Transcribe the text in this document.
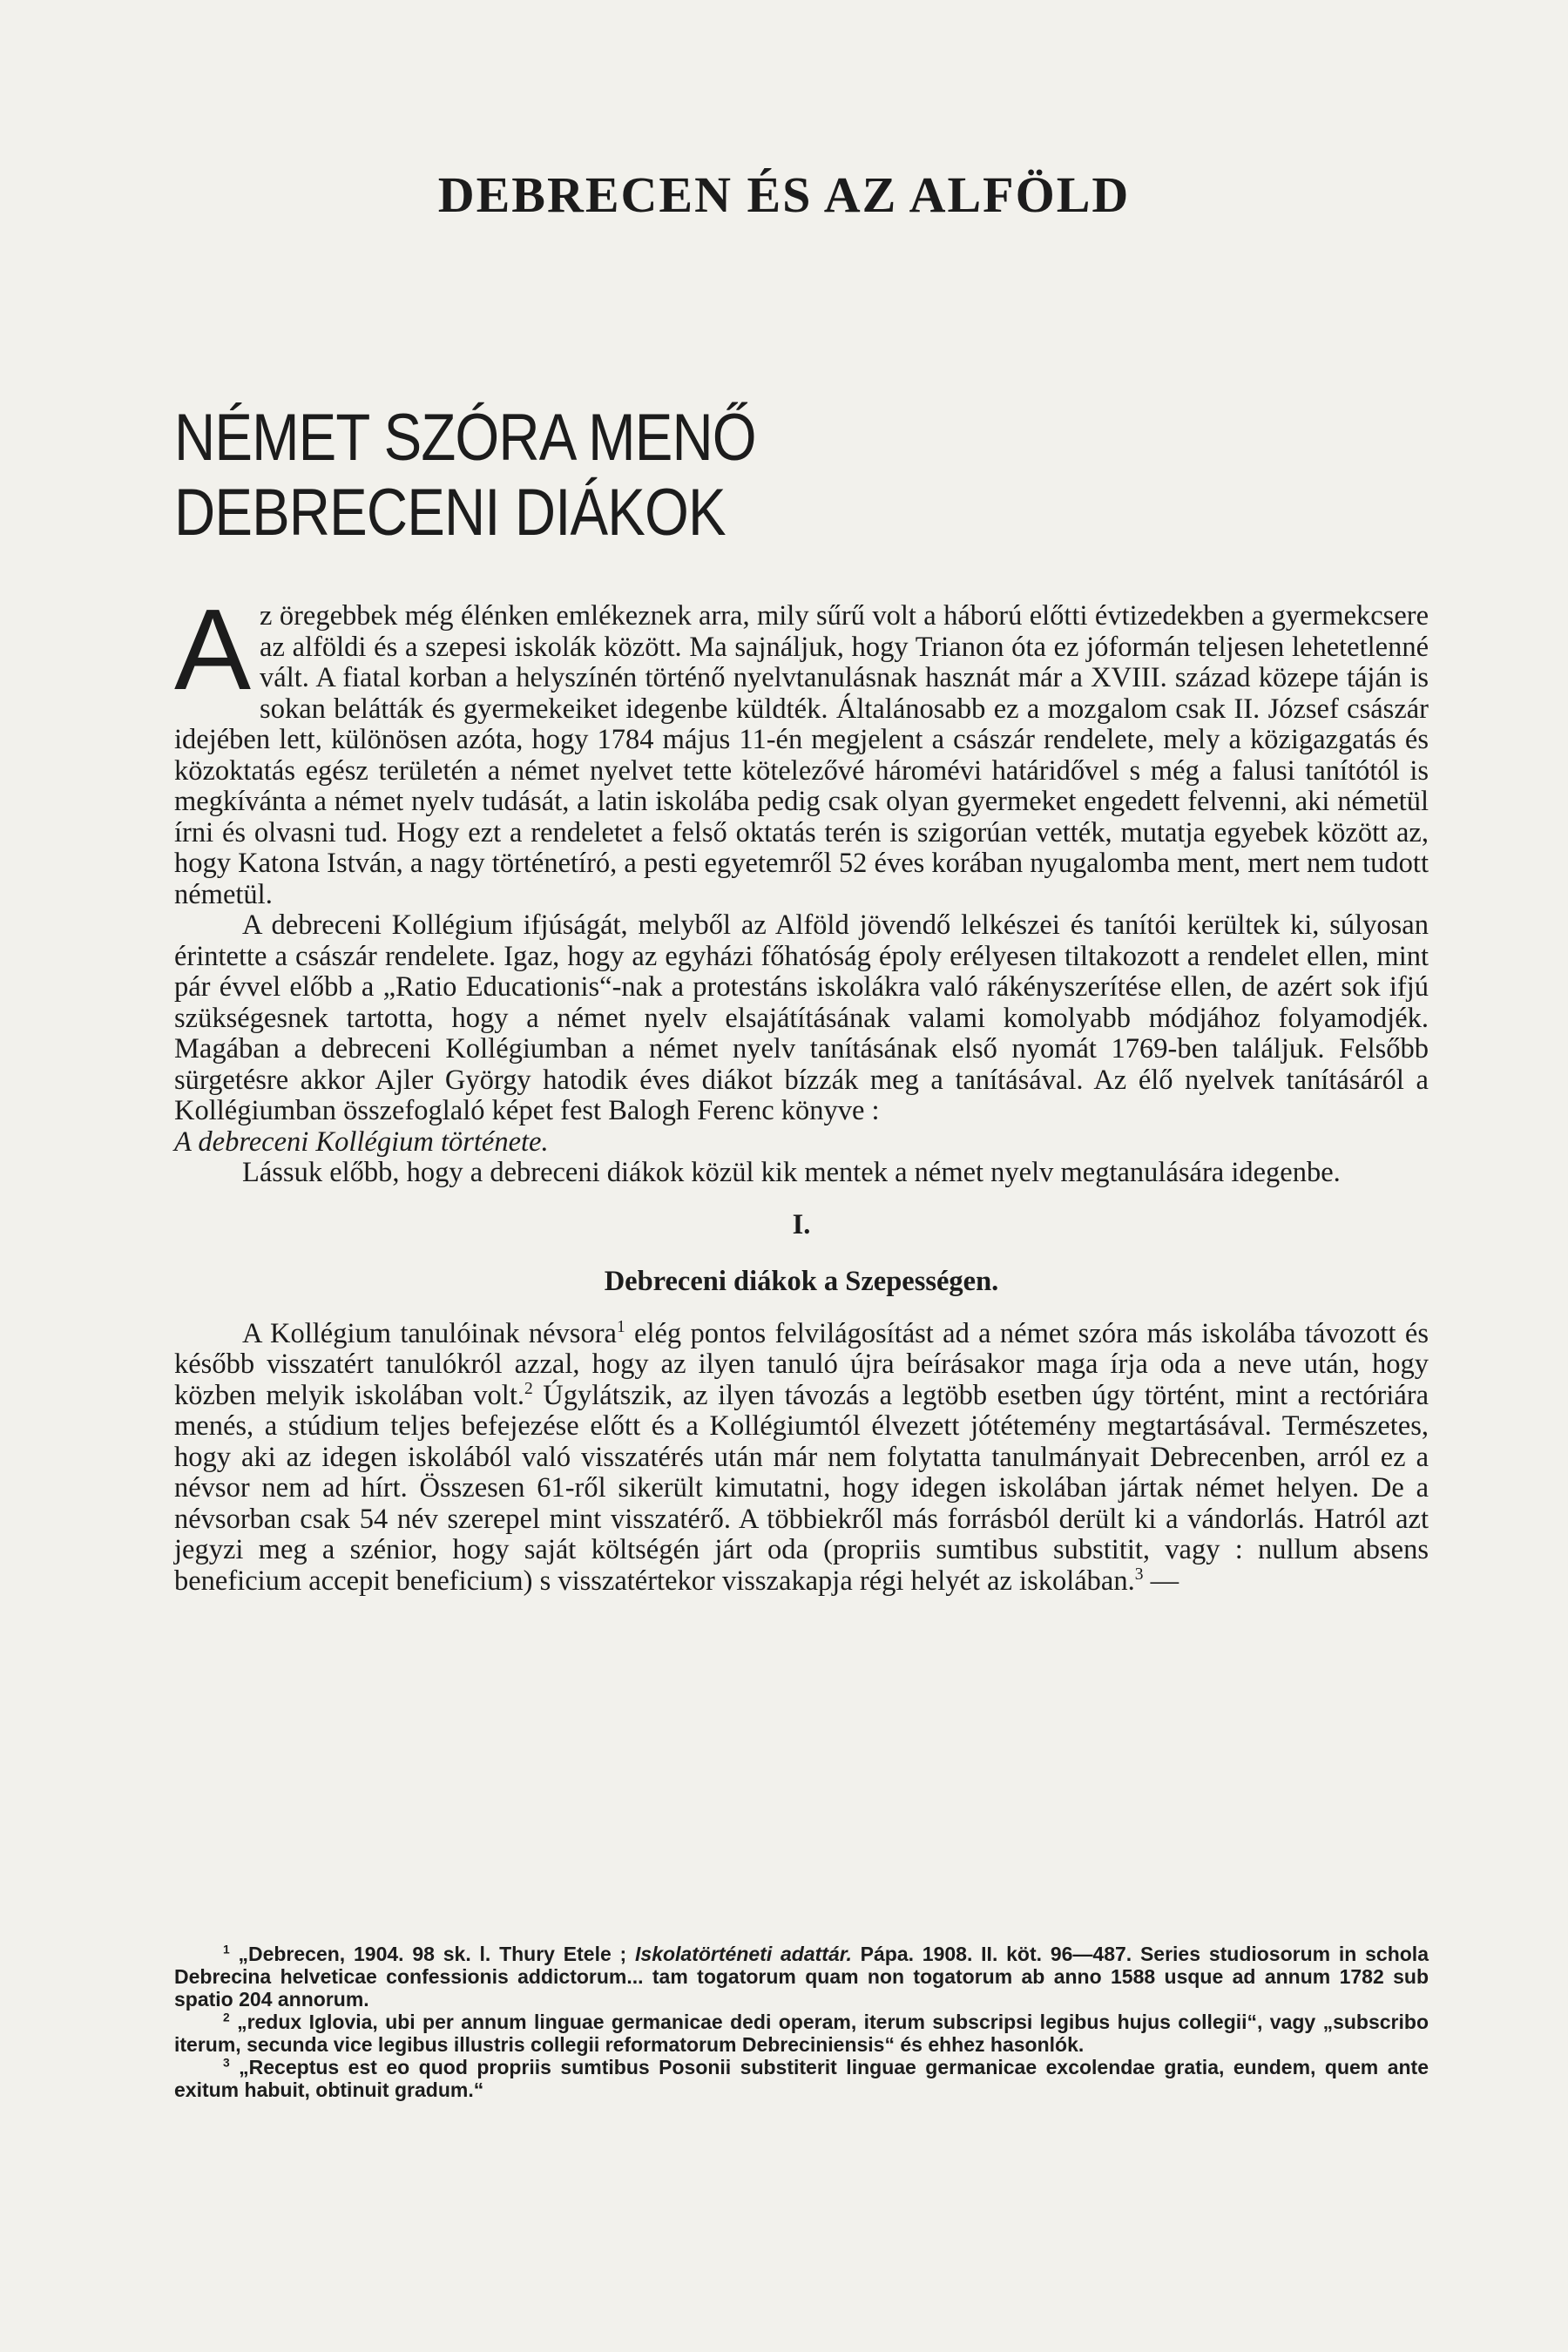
DEBRECEN ÉS AZ ALFÖLD
NÉMET SZÓRA MENŐ
DEBRECENI DIÁKOK

Az öregebbek még élénken emlékeznek arra, mily sűrű volt a háború előtti évtizedekben a gyermekcsere az alföldi és a szepesi iskolák között. Ma sajnáljuk, hogy Trianon óta ez jóformán teljesen lehetetlenné vált. A fiatal korban a helyszínén történő nyelvtanulásnak hasznát már a XVIII. század közepe táján is sokan belátták és gyermekeiket idegenbe küldték. Általánosabb ez a mozgalom csak II. József császár idejében lett, különösen azóta, hogy 1784 május 11-én megjelent a császár rendelete, mely a közigazgatás és közoktatás egész területén a német nyelvet tette kötelezővé háromévi határidővel s még a falusi tanítótól is megkívánta a német nyelv tudását, a latin iskolába pedig csak olyan gyermeket engedett felvenni, aki németül írni és olvasni tud. Hogy ezt a rendeletet a felső oktatás terén is szigorúan vették, mutatja egyebek között az, hogy Katona István, a nagy történetíró, a pesti egyetemről 52 éves korában nyugalomba ment, mert nem tudott németül.

A debreceni Kollégium ifjúságát, melyből az Alföld jövendő lelkészei és tanítói kerültek ki, súlyosan érintette a császár rendelete. Igaz, hogy az egyházi főhatóság époly erélyesen tiltakozott a rendelet ellen, mint pár évvel előbb a „Ratio Educationis“-nak a protestáns iskolákra való rákényszerítése ellen, de azért sok ifjú szükségesnek tartotta, hogy a német nyelv elsajátításának valami komolyabb módjához folyamodjék. Magában a debreceni Kollégiumban a német nyelv tanításának első nyomát 1769-ben találjuk. Felsőbb sürgetésre akkor Ajler György hatodik éves diákot bízzák meg a tanításával. Az élő nyelvek tanításáról a Kollégiumban összefoglaló képet fest Balogh Ferenc könyve :
A debreceni Kollégium története.

Lássuk előbb, hogy a debreceni diákok közül kik mentek a német nyelv megtanulására idegenbe.

I.
Debreceni diákok a Szepességen.

A Kollégium tanulóinak névsora$^1$ elég pontos felvilágosítást ad a német szóra más iskolába távozott és később visszatért tanulókról azzal, hogy az ilyen tanuló újra beírásakor maga írja oda a neve után, hogy közben melyik iskolában volt.$^2$ Úgylátszik, az ilyen távozás a legtöbb esetben úgy történt, mint a rectóriára menés, a stúdium teljes befejezése előtt és a Kollégiumtól élvezett jótétemény megtartásával. Természetes, hogy aki az idegen iskolából való visszatérés után már nem folytatta tanulmányait Debrecenben, arról ez a névsor nem ad hírt. Összesen 61-ről sikerült kimutatni, hogy idegen iskolában jártak német helyen. De a névsorban csak 54 név szerepel mint visszatérő. A többiekről más forrásból derült ki a vándorlás. Hatról azt jegyzi meg a szénior, hogy saját költségén járt oda (propriis sumtibus substitit, vagy : nullum absens beneficium accepit beneficium) s visszatértekor visszakapja régi helyét az iskolában.$^3$ —

$^1$ „Debrecen, 1904. 98 sk. l. Thury Etele ; Iskolatörténeti adattár. Pápa. 1908. II. köt. 96—487. Series studiosorum in schola Debrecina helveticae confessionis addictorum... tam togatorum quam non togatorum ab anno 1588 usque ad annum 1782 sub spatio 204 annorum.

$^2$ „redux Iglovia, ubi per annum linguae germanicae dedi operam, iterum subscripsi legibus hujus collegii“, vagy „subscribo iterum, secunda vice legibus illustris collegii reformatorum Debreciniensis“ és ehhez hasonlók.

$^3$ „Receptus est eo quod propriis sumtibus Posonii substiterit linguae germanicae excolendae gratia, eundem, quem ante exitum habuit, obtinuit gradum.“
